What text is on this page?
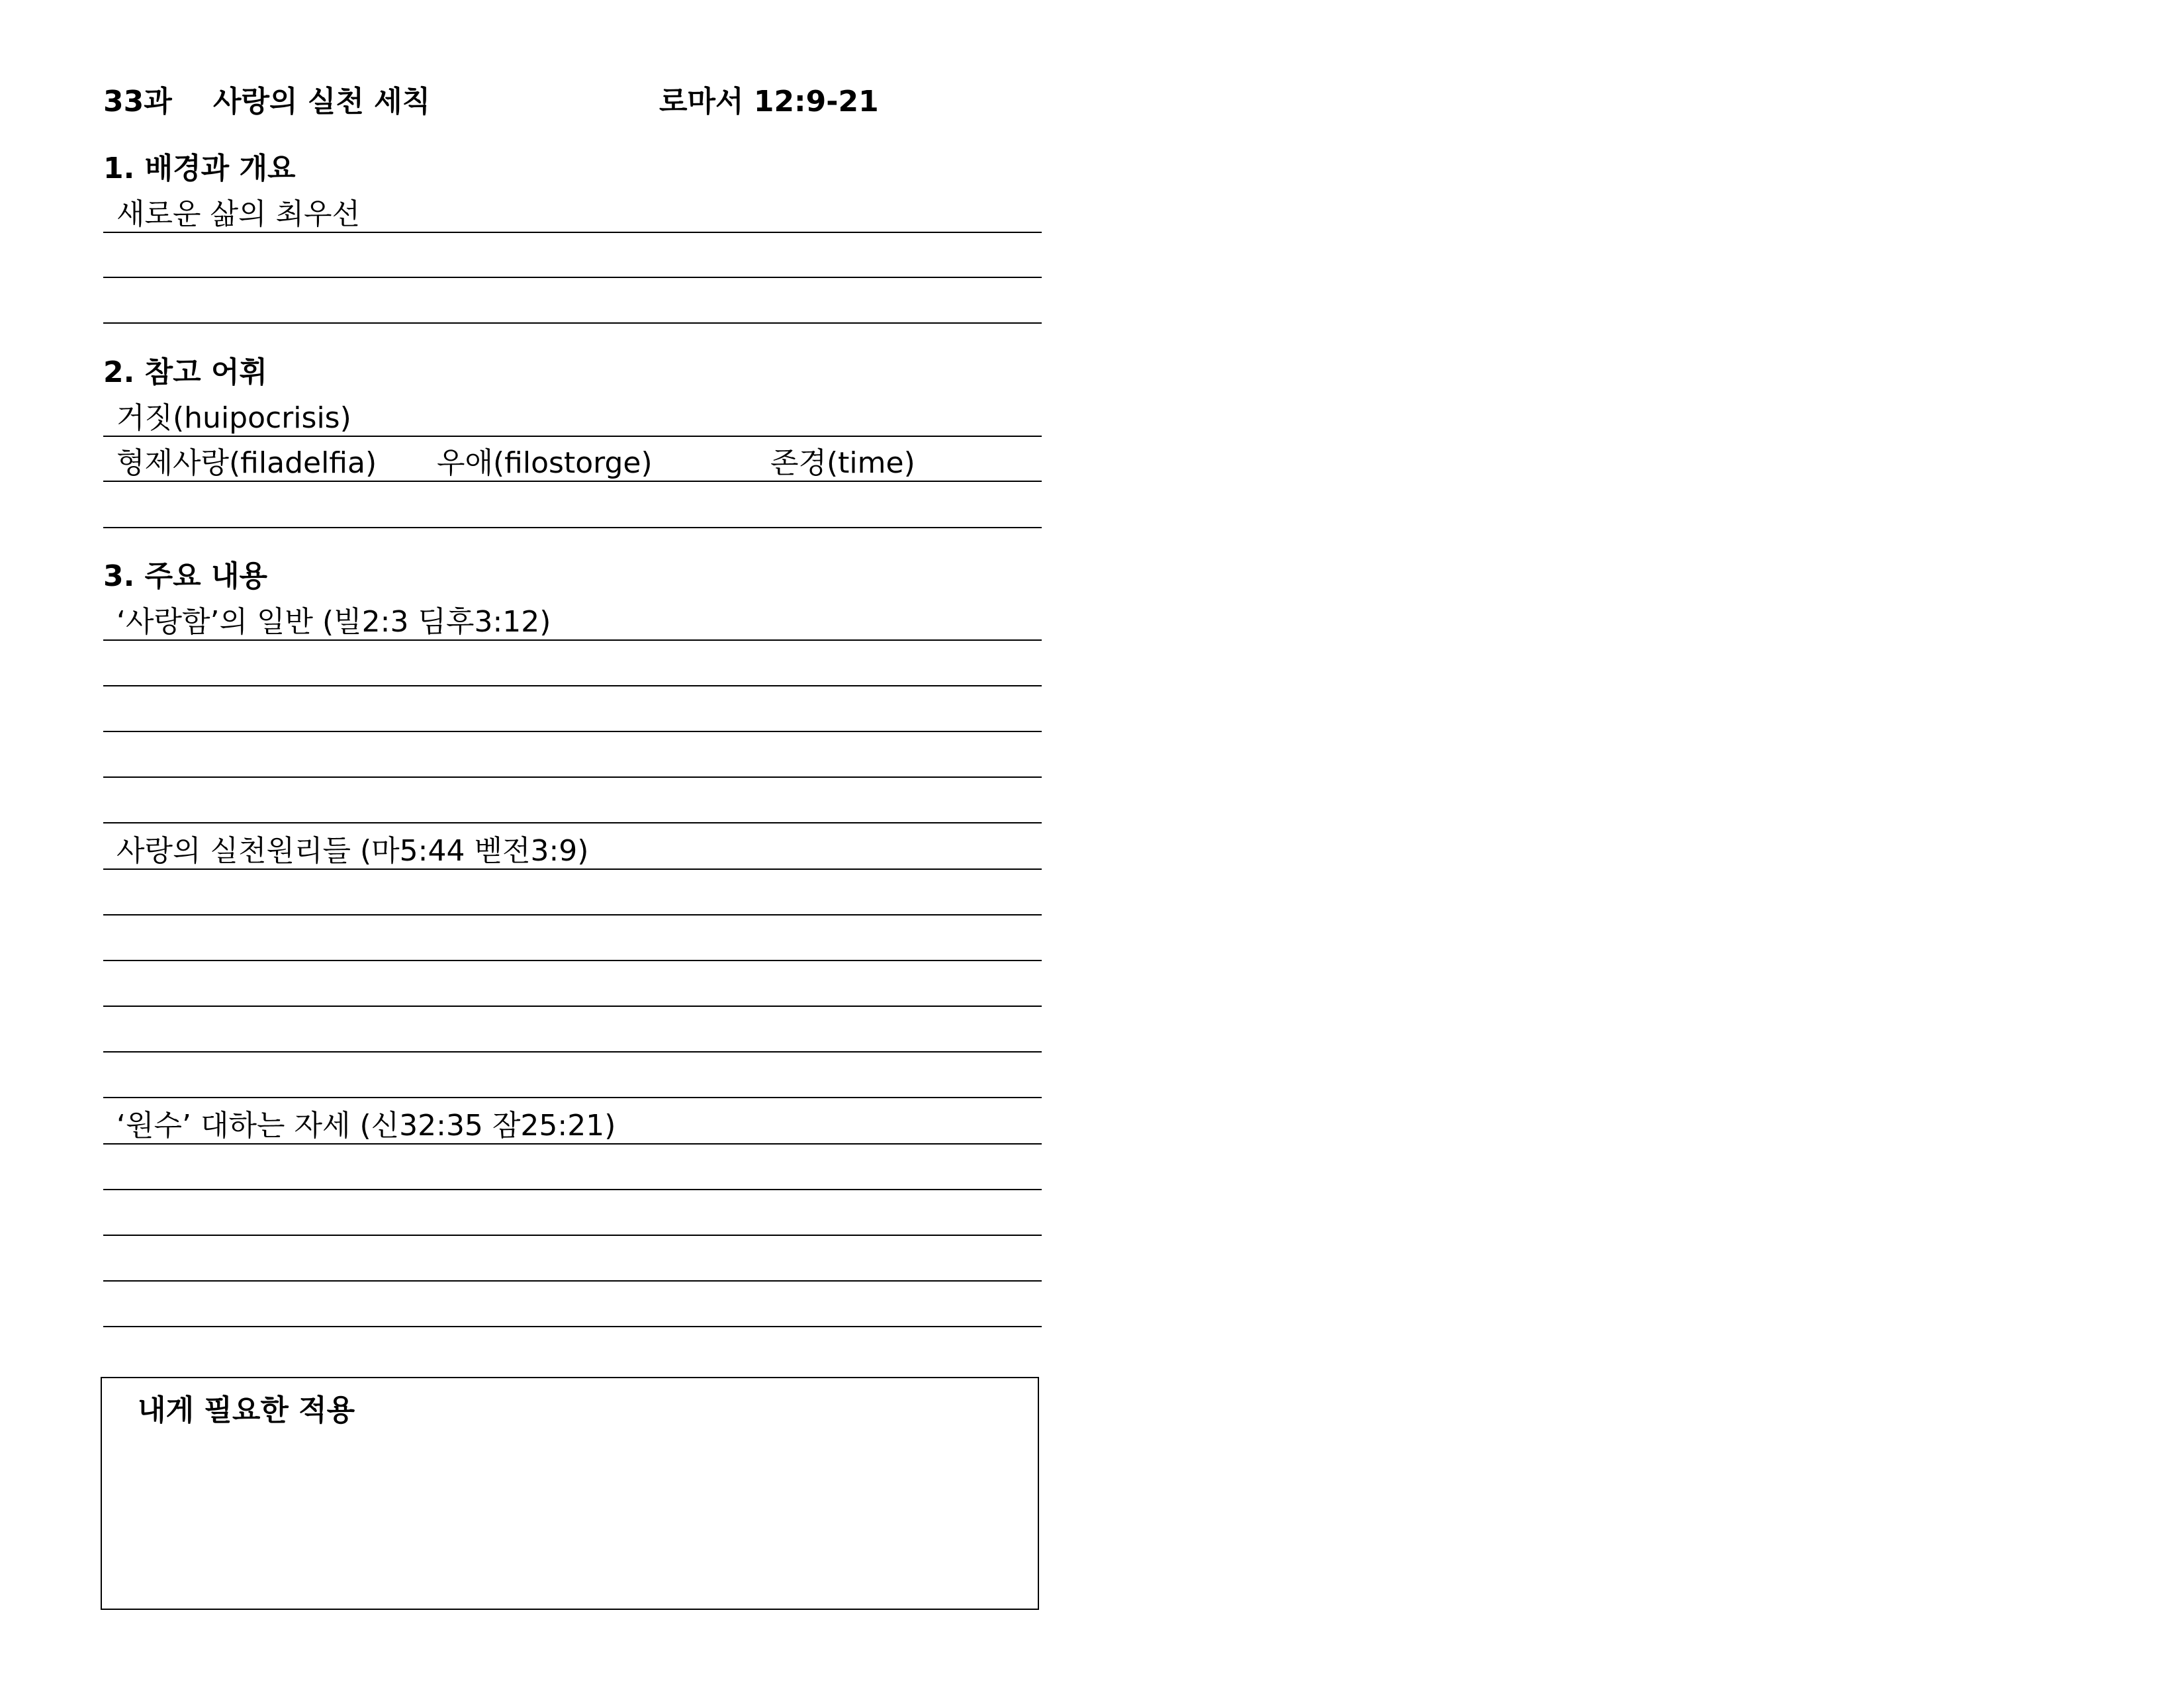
33과 사랑의 실천 세칙	로마서 12:9-21
1. 배경과 개요
새로운 삶의 최우선
2. 참고 어휘
거짓(huipocrisis)
형제사랑(filadelfia) 우애(filostorge)	존경(time)
3. 주요 내용
‘사랑함’의 일반 (빌2:3 딤후3:12)
사랑의 실천원리들 (마5:44 벧전3:9)
‘원수’ 대하는 자세 (신32:35 잠25:21)
내게 필요한 적용
